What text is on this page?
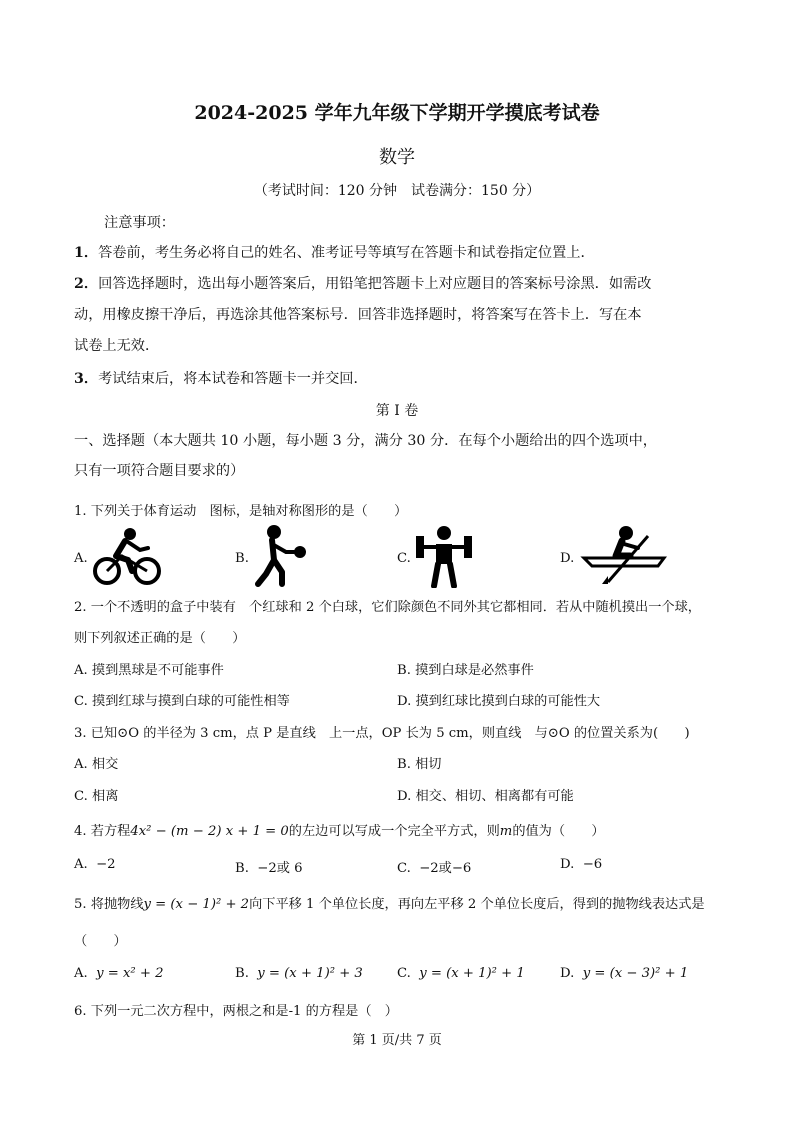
2024-2025 学年九年级下学期开学摸底考试卷
数学
（考试时间：120 分钟　试卷满分：150 分）
注意事项：
1．答卷前，考生务必将自己的姓名、准考证号等填写在答题卡和试卷指定位置上．
2．回答选择题时，选出每小题答案后，用铅笔把答题卡上对应题目的答案标号涂黑．如需改
动，用橡皮擦干净后，再选涂其他答案标号．回答非选择题时，将答案写在答卡上．写在本
试卷上无效．
3．考试结束后，将本试卷和答题卡一并交回．
第 I 卷
一、选择题（本大题共 10 小题，每小题 3 分，满分 30 分．在每个小题给出的四个选项中，
只有一项符合题目要求的）
1. 下列关于体育运动　图标，是轴对称图形的是（　　）
A.	B.	C.	D.
2. 一个不透明的盒子中装有　个红球和 2 个白球，它们除颜色不同外其它都相同．若从中随机摸出一个球，
则下列叙述正确的是（　　）
A. 摸到黑球是不可能事件	B. 摸到白球是必然事件
C. 摸到红球与摸到白球的可能性相等	D. 摸到红球比摸到白球的可能性大
3. 已知⊙O 的半径为 3 cm，点 P 是直线　上一点，OP 长为 5 cm，则直线　与⊙O 的位置关系为(　　)
A. 相交	B. 相切
C. 相离	D. 相交、相切、相离都有可能
4. 若方程4x² − (m − 2) x + 1 = 0的左边可以写成一个完全平方式，则m的值为（　　）
A. −2	B. −2或 6	C. −2或−6	D. −6
5. 将抛物线y = (x − 1)² + 2向下平移 1 个单位长度，再向左平移 2 个单位长度后，得到的抛物线表达式是
（　　）
A. y = x² + 2	B. y = (x + 1)² + 3	C. y = (x + 1)² + 1	D. y = (x − 3)² + 1
6. 下列一元二次方程中，两根之和是-1 的方程是（　）
第 1 页/共 7 页
